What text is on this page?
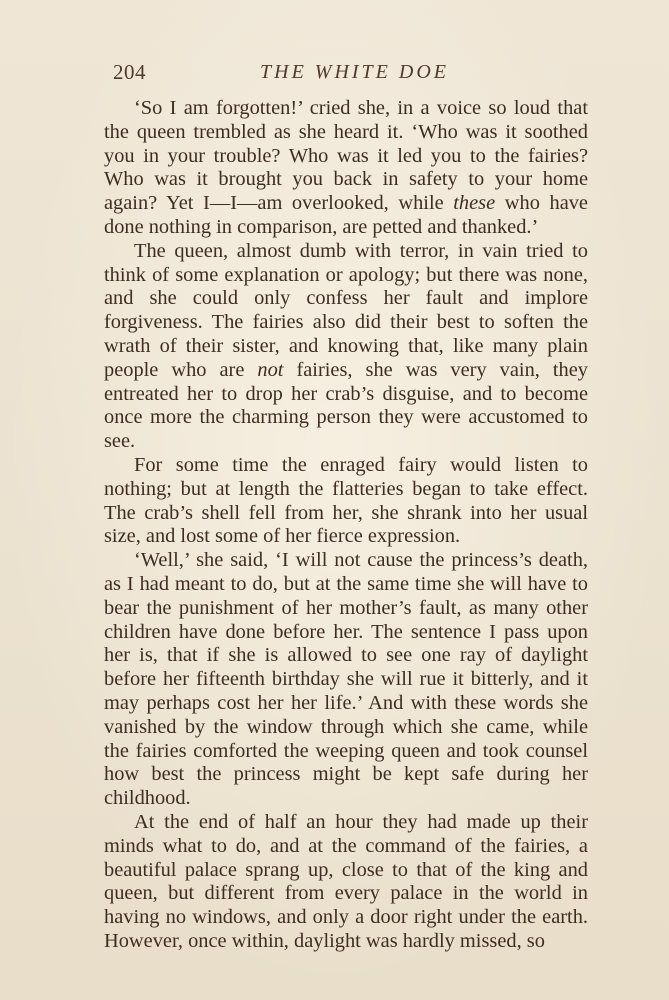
204	THE WHITE DOE

‘So I am forgotten!’ cried she, in a voice so loud that the queen trembled as she heard it. ‘Who was it soothed you in your trouble? Who was it led you to the fairies? Who was it brought you back in safety to your home again? Yet I—I—am overlooked, while these who have done nothing in comparison, are petted and thanked.’

The queen, almost dumb with terror, in vain tried to think of some explanation or apology; but there was none, and she could only confess her fault and implore forgiveness. The fairies also did their best to soften the wrath of their sister, and knowing that, like many plain people who are not fairies, she was very vain, they entreated her to drop her crab’s disguise, and to become once more the charming person they were accustomed to see.

For some time the enraged fairy would listen to nothing; but at length the flatteries began to take effect. The crab’s shell fell from her, she shrank into her usual size, and lost some of her fierce expression.

‘Well,’ she said, ‘I will not cause the princess’s death, as I had meant to do, but at the same time she will have to bear the punishment of her mother’s fault, as many other children have done before her. The sentence I pass upon her is, that if she is allowed to see one ray of daylight before her fifteenth birthday she will rue it bitterly, and it may perhaps cost her her life.’ And with these words she vanished by the window through which she came, while the fairies comforted the weeping queen and took counsel how best the princess might be kept safe during her childhood.

At the end of half an hour they had made up their minds what to do, and at the command of the fairies, a beautiful palace sprang up, close to that of the king and queen, but different from every palace in the world in having no windows, and only a door right under the earth. However, once within, daylight was hardly missed, so
